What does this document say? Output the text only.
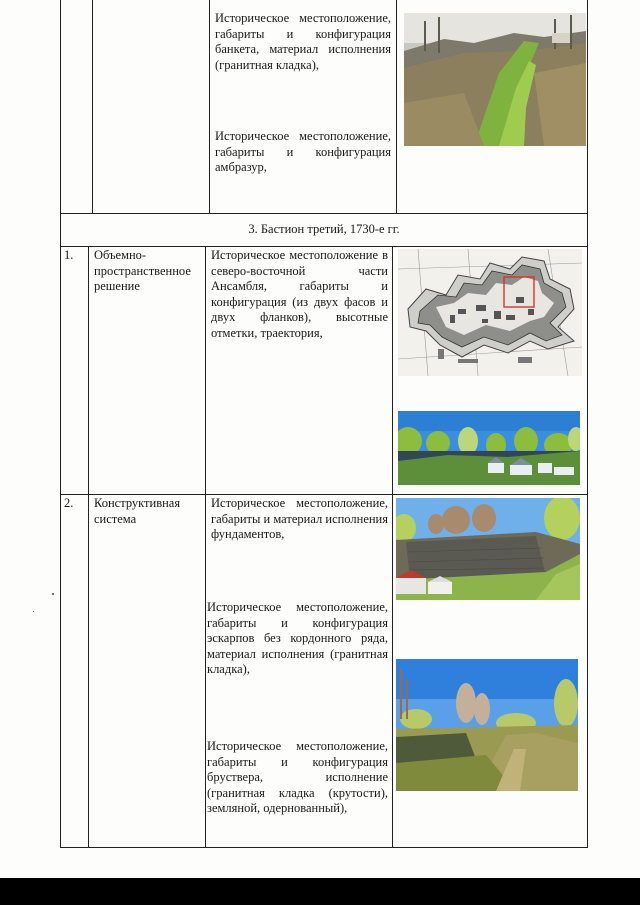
Историческое местоположение, габариты и конфигурация банкета, материал исполнения (гранитная кладка),
Историческое местоположение, габариты и конфигурация амбразур,
3. Бастион третий, 1730-е гг.
1.	Объемно-пространственное решение
Историческое местоположение в северо-восточной части Ансамбля, габариты и конфигурация (из двух фасов и двух фланков), высотные отметки, траектория,
2.	Конструктивная система
Историческое местоположение, габариты и материал исполнения фундаментов,
Историческое местоположение, габариты и конфигурация эскарпов без кордонного ряда, материал исполнения (гранитная кладка),
Историческое местоположение, габариты и конфигурация бруствера, исполнение (гранитная кладка (крутости), земляной, одернованный),
